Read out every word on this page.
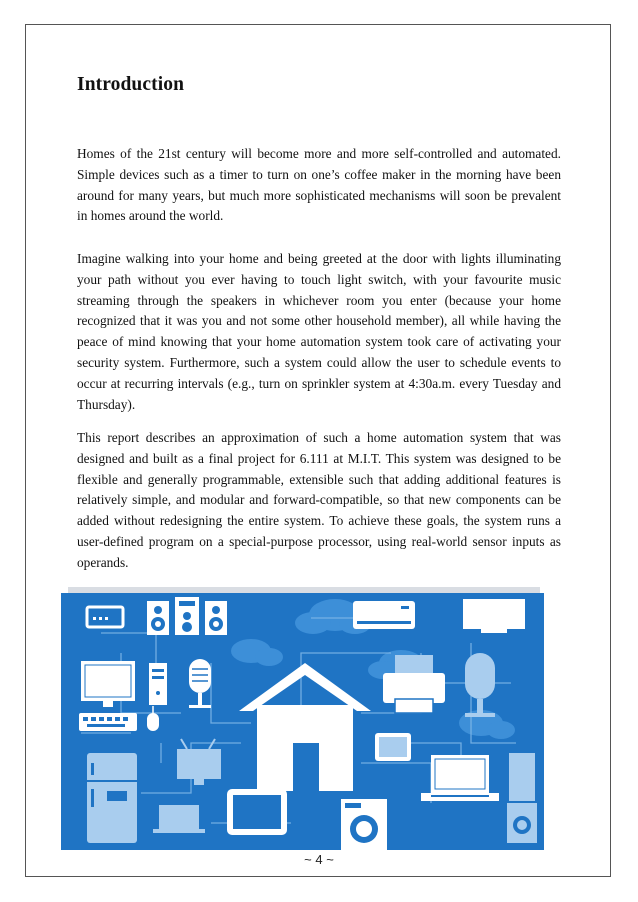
Introduction

Homes of the 21st century will become more and more self-controlled and automated. Simple devices such as a timer to turn on one’s coffee maker in the morning have been around for many years, but much more sophisticated mechanisms will soon be prevalent in homes around the world.

Imagine walking into your home and being greeted at the door with lights illuminating your path without you ever having to touch light switch, with your favourite music streaming through the speakers in whichever room you enter (because your home recognized that it was you and not some other household member), all while having the peace of mind knowing that your home automation system took care of activating your security system. Furthermore, such a system could allow the user to schedule events to occur at recurring intervals (e.g., turn on sprinkler system at 4:30a.m. every Tuesday and Thursday).

This report describes an approximation of such a home automation system that was designed and built as a final project for 6.111 at M.I.T. This system was designed to be flexible and generally programmable, extensible such that adding additional features is relatively simple, and modular and forward-compatible, so that new components can be added without redesigning the entire system. To achieve these goals, the system runs a user-defined program on a special-purpose processor, using real-world sensor inputs as operands.

~ 4 ~
